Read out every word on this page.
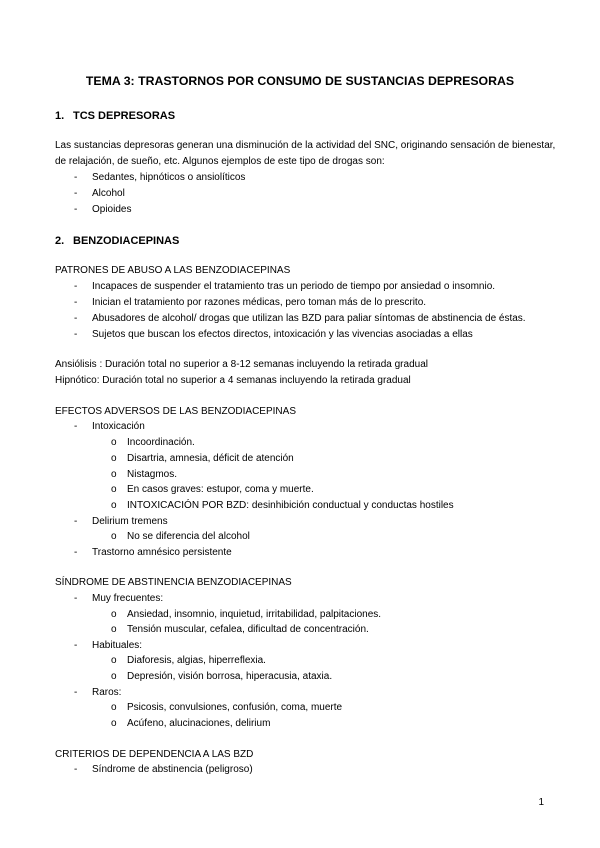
TEMA 3: TRASTORNOS POR CONSUMO DE SUSTANCIAS DEPRESORAS
1. TCS DEPRESORAS
Las sustancias depresoras generan una disminución de la actividad del SNC, originando sensación de bienestar,
de relajación, de sueño, etc. Algunos ejemplos de este tipo de drogas son:
- Sedantes, hipnóticos o ansiolíticos
- Alcohol
- Opioides
2. BENZODIACEPINAS
PATRONES DE ABUSO A LAS BENZODIACEPINAS
- Incapaces de suspender el tratamiento tras un periodo de tiempo por ansiedad o insomnio.
- Inician el tratamiento por razones médicas, pero toman más de lo prescrito.
- Abusadores de alcohol/ drogas que utilizan las BZD para paliar síntomas de abstinencia de éstas.
- Sujetos que buscan los efectos directos, intoxicación y las vivencias asociadas a ellas
Ansiólisis : Duración total no superior a 8-12 semanas incluyendo la retirada gradual
Hipnótico: Duración total no superior a 4 semanas incluyendo la retirada gradual
EFECTOS ADVERSOS DE LAS BENZODIACEPINAS
- Intoxicación
o Incoordinación.
o Disartria, amnesia, déficit de atención
o Nistagmos.
o En casos graves: estupor, coma y muerte.
o INTOXICACIÓN POR BZD: desinhibición conductual y conductas hostiles
- Delirium tremens
o No se diferencia del alcohol
- Trastorno amnésico persistente
SÍNDROME DE ABSTINENCIA BENZODIACEPINAS
- Muy frecuentes:
o Ansiedad, insomnio, inquietud, irritabilidad, palpitaciones.
o Tensión muscular, cefalea, dificultad de concentración.
- Habituales:
o Diaforesis, algias, hiperreflexia.
o Depresión, visión borrosa, hiperacusia, ataxia.
- Raros:
o Psicosis, convulsiones, confusión, coma, muerte
o Acúfeno, alucinaciones, delirium
CRITERIOS DE DEPENDENCIA A LAS BZD
- Síndrome de abstinencia (peligroso)
1
